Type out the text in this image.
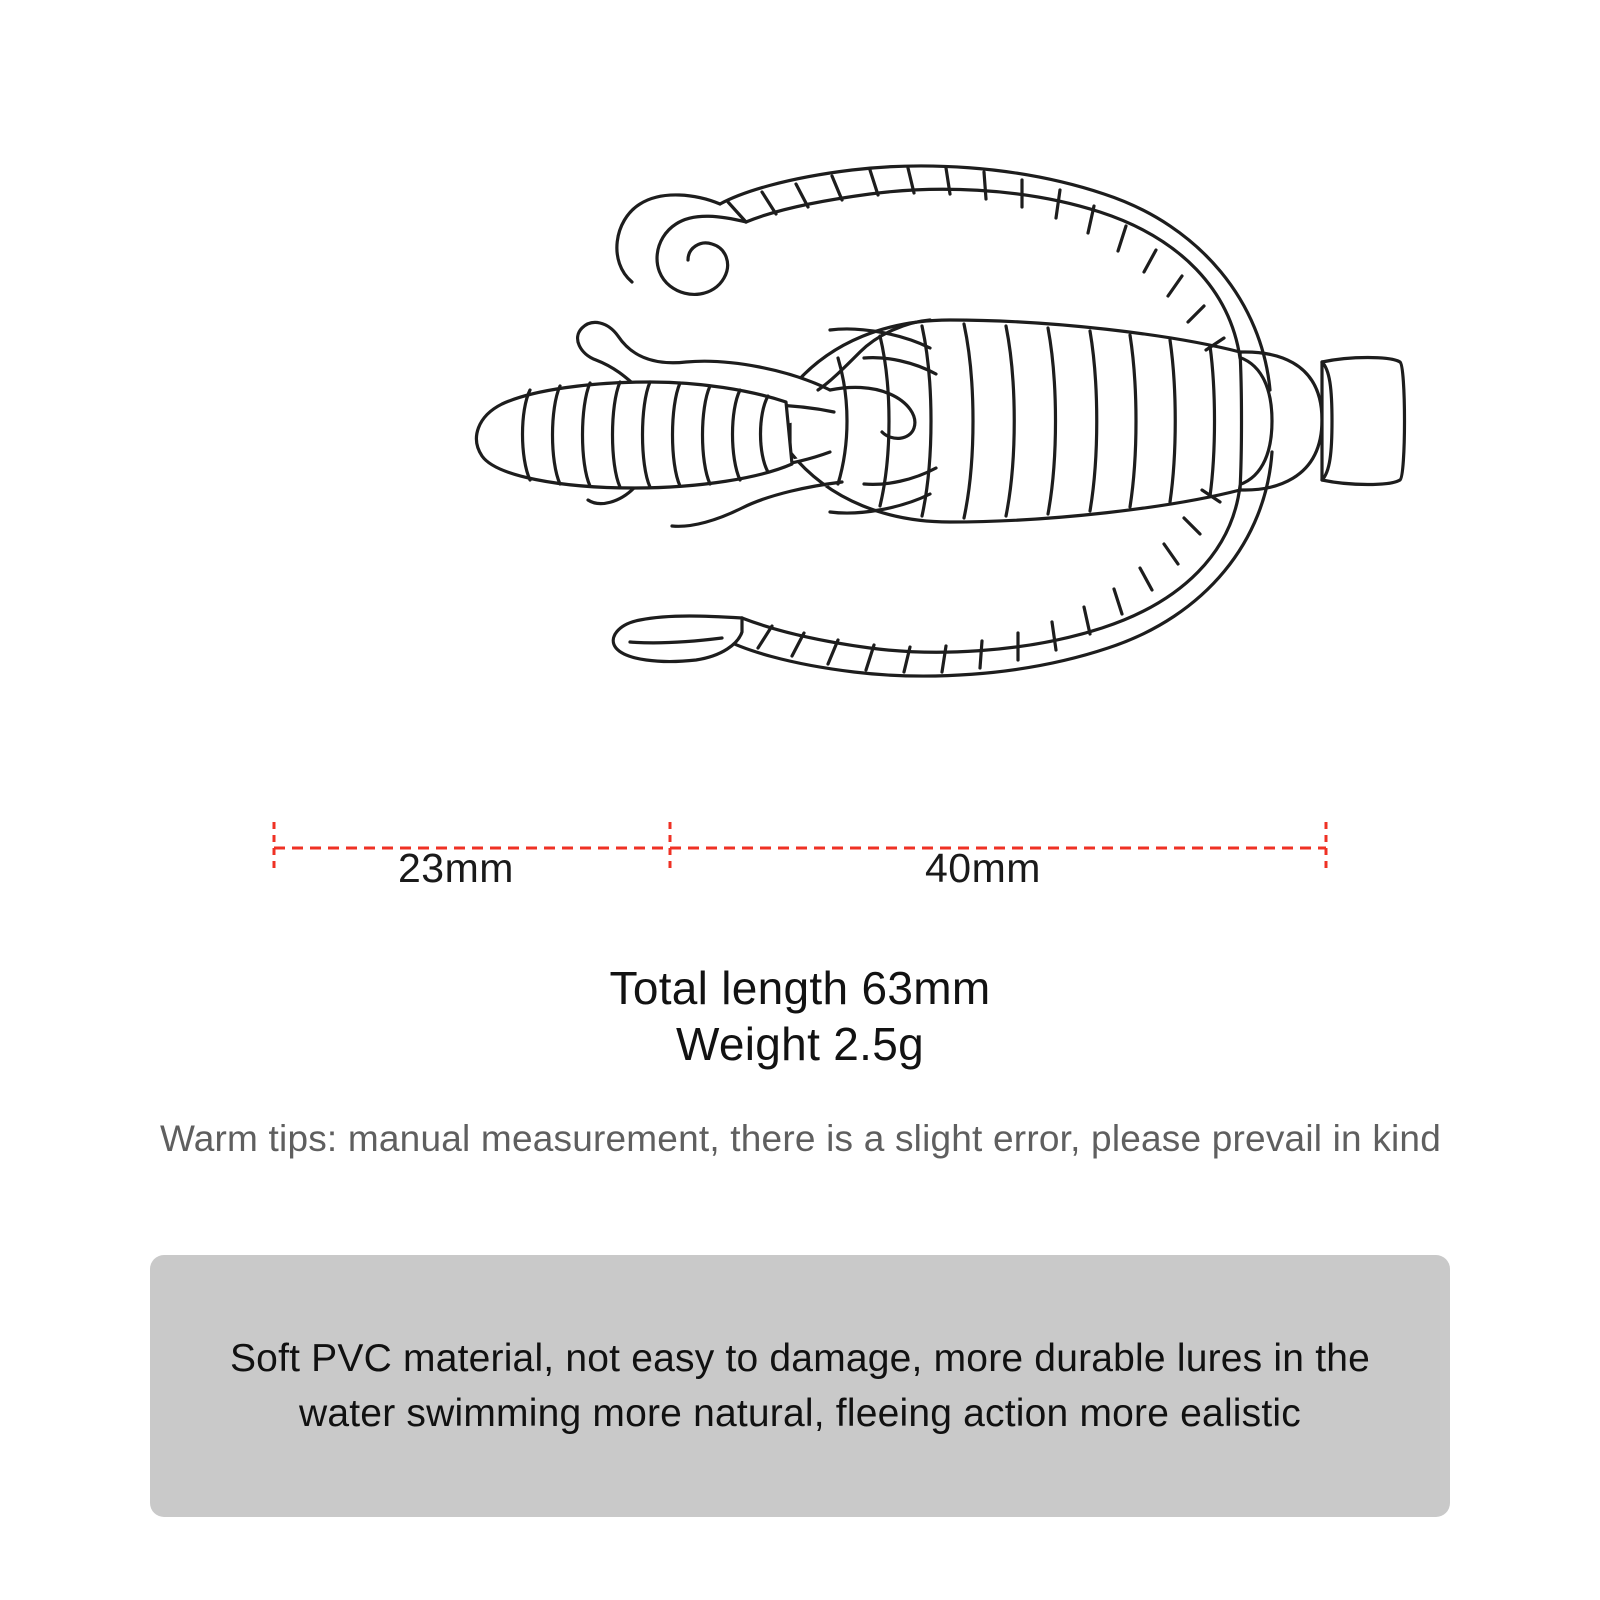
23mm	40mm
Total length 63mm
Weight 2.5g
Warm tips: manual measurement, there is a slight error, please prevail in kind
Soft PVC material, not easy to damage, more durable lures in the water swimming more natural, fleeing action more ealistic
